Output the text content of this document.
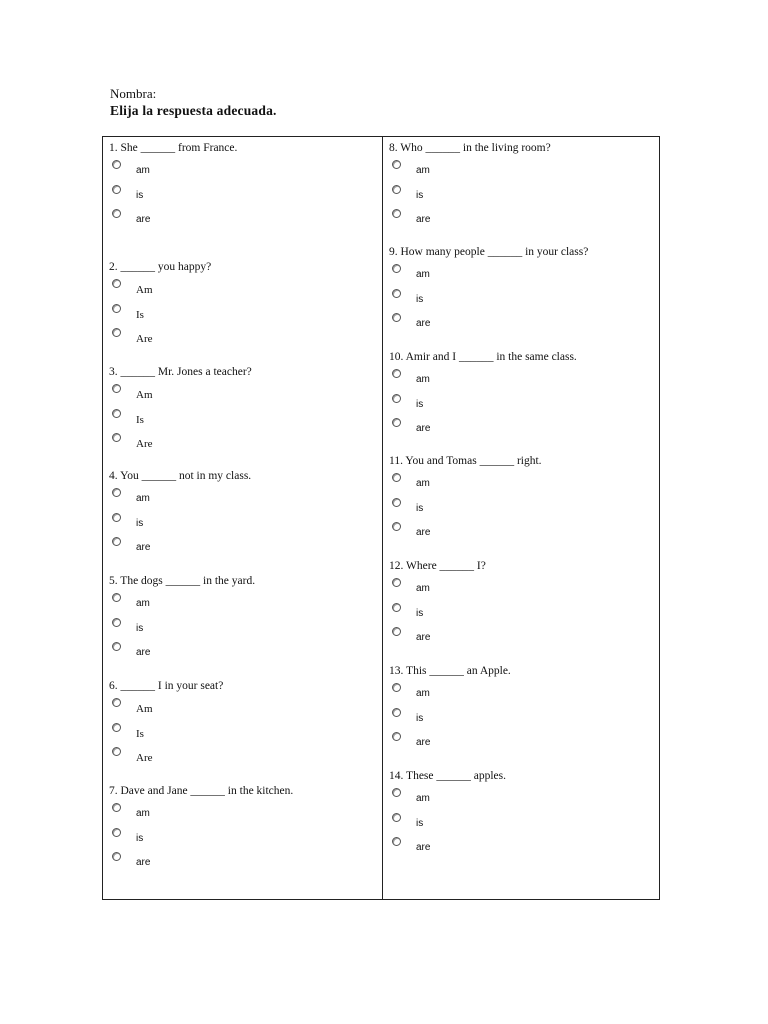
Nombra:
Elija la respuesta adecuada.
1. She ______ from France.
am
is
are
2. ______ you happy?
Am
Is
Are
3. ______ Mr. Jones a teacher?
Am
Is
Are
4. You ______ not in my class.
am
is
are
5. The dogs ______ in the yard.
am
is
are
6. ______ I in your seat?
Am
Is
Are
7. Dave and Jane ______ in the kitchen.
am
is
are
8. Who ______ in the living room?
am
is
are
9. How many people ______ in your class?
am
is
are
10. Amir and I ______ in the same class.
am
is
are
11. You and Tomas ______ right.
am
is
are
12. Where ______ I?
am
is
are
13. This ______ an Apple.
am
is
are
14. These ______ apples.
am
is
are
